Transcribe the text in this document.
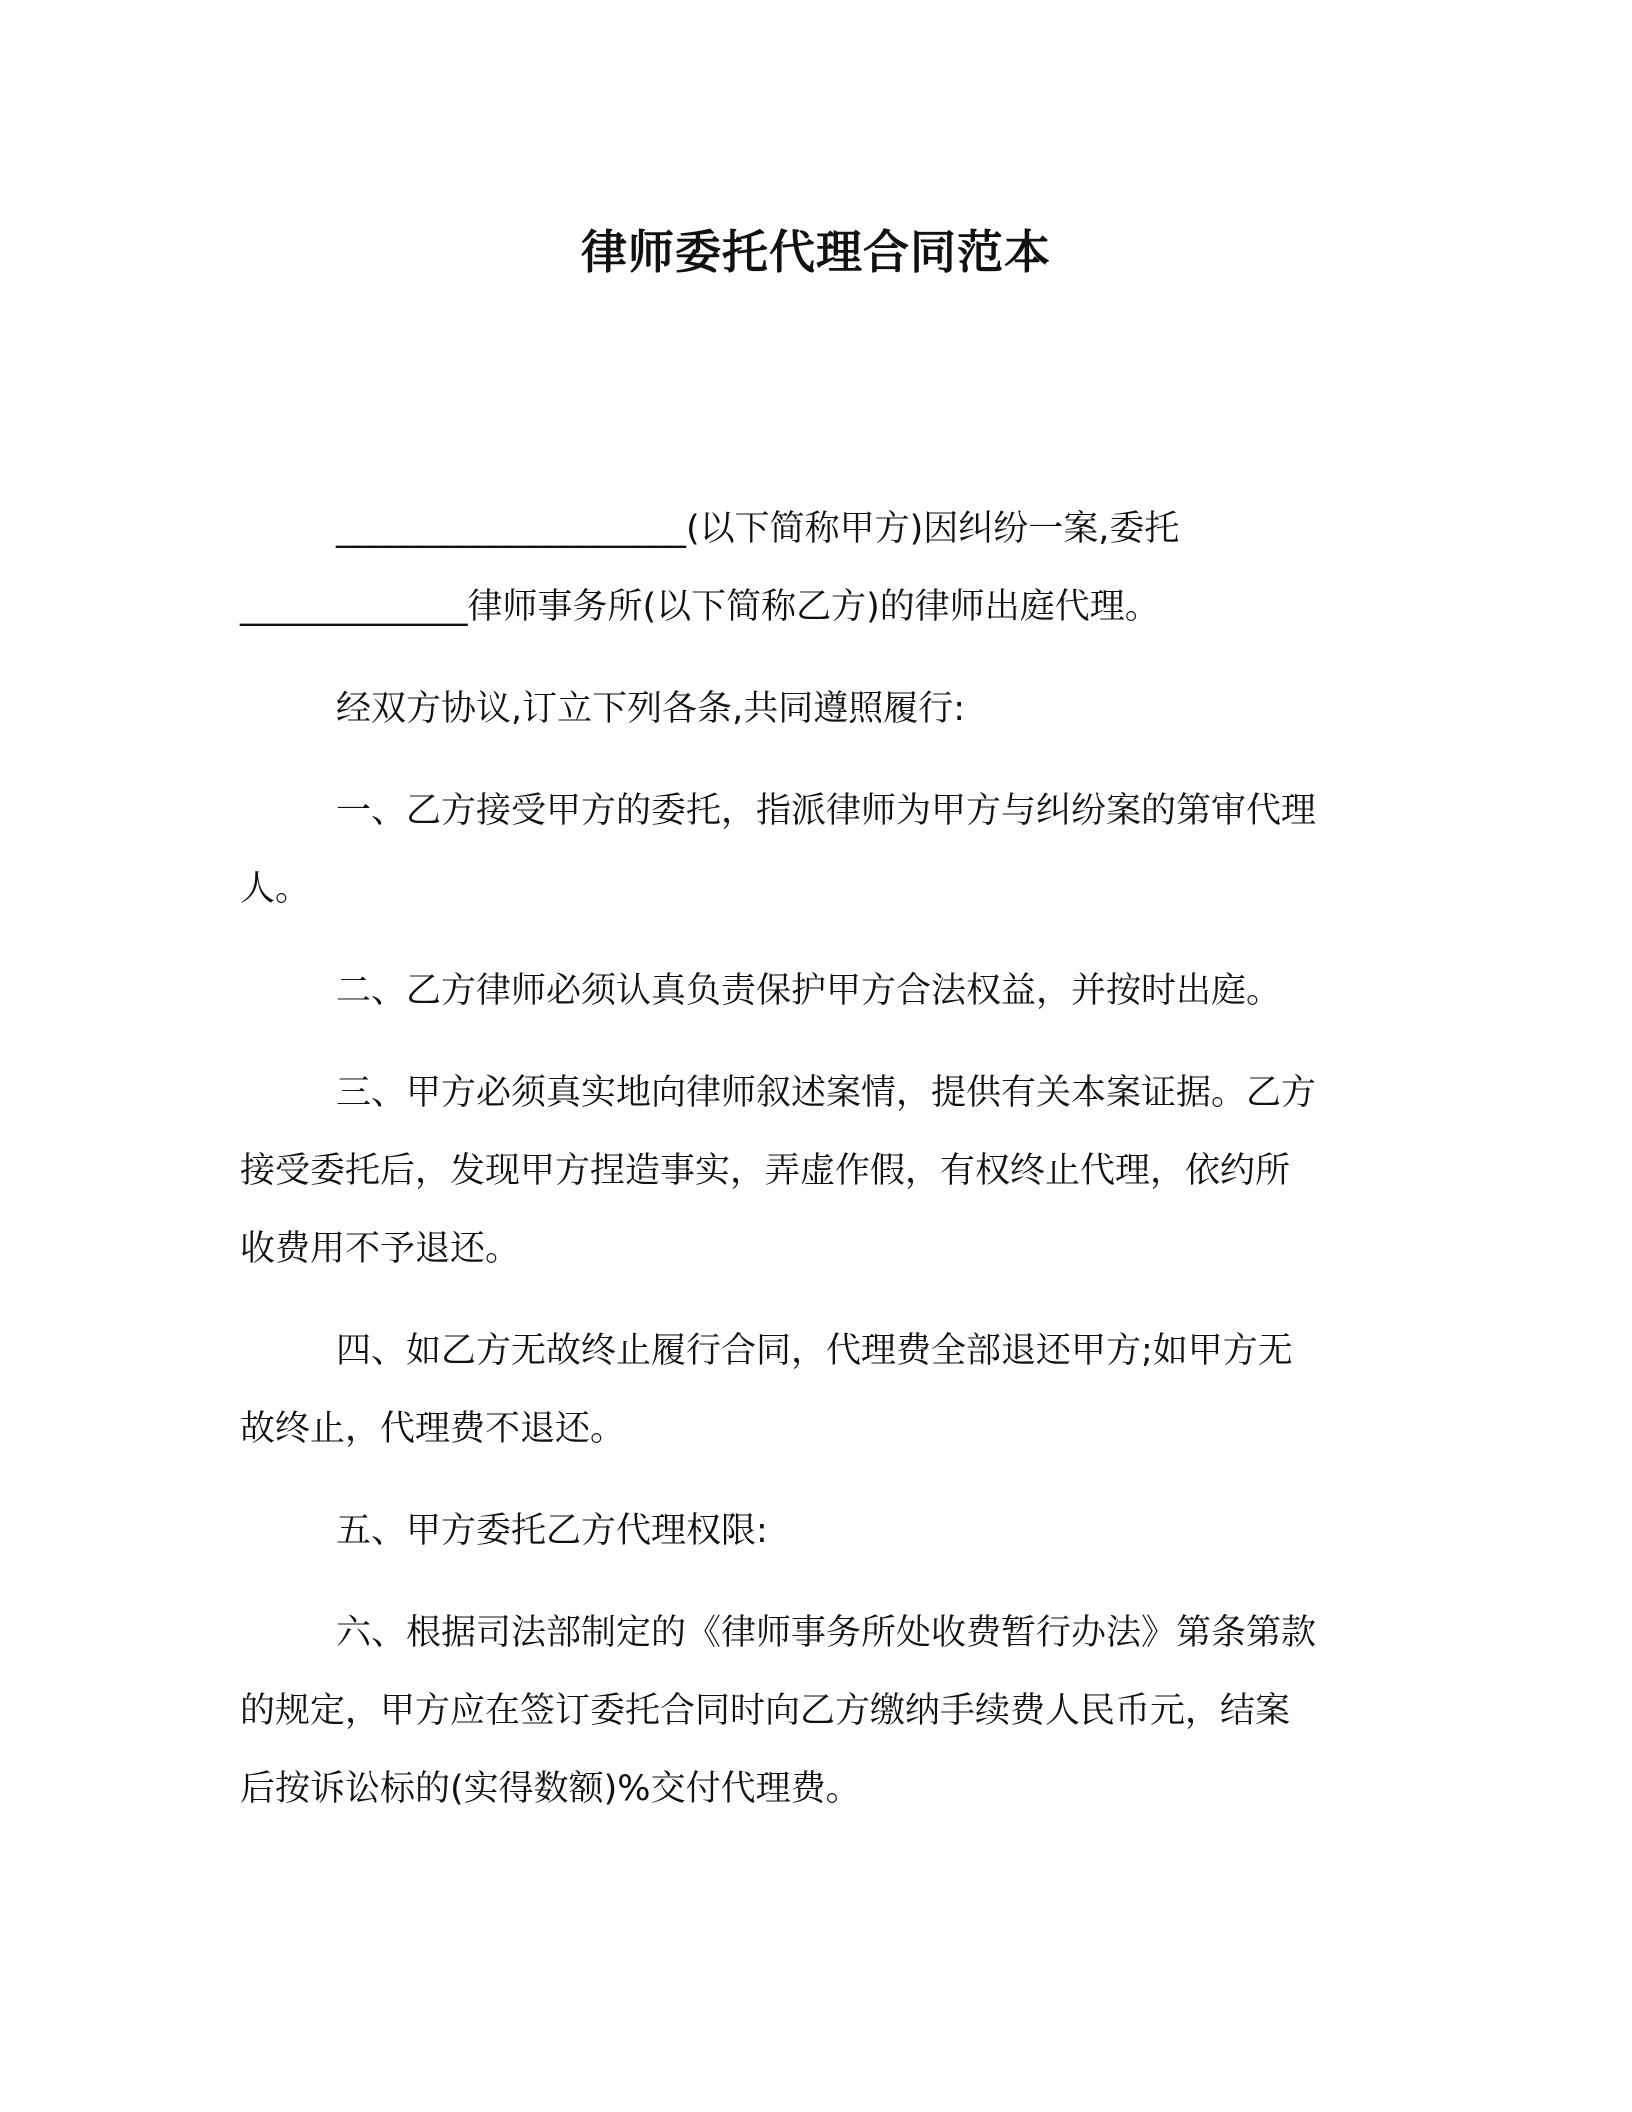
律师委托代理合同范本
____________________(以下简称甲方)因纠纷一案,委托
_____________律师事务所(以下简称乙方)的律师出庭代理。
经双方协议,订立下列各条,共同遵照履行:
一、乙方接受甲方的委托，指派律师为甲方与纠纷案的第审代理
人。
二、乙方律师必须认真负责保护甲方合法权益，并按时出庭。
三、甲方必须真实地向律师叙述案情，提供有关本案证据。乙方
接受委托后，发现甲方捏造事实，弄虚作假，有权终止代理，依约所
收费用不予退还。
四、如乙方无故终止履行合同，代理费全部退还甲方;如甲方无
故终止，代理费不退还。
五、甲方委托乙方代理权限:
六、根据司法部制定的《律师事务所处收费暂行办法》第条第款
的规定，甲方应在签订委托合同时向乙方缴纳手续费人民币元，结案
后按诉讼标的(实得数额)%交付代理费。
